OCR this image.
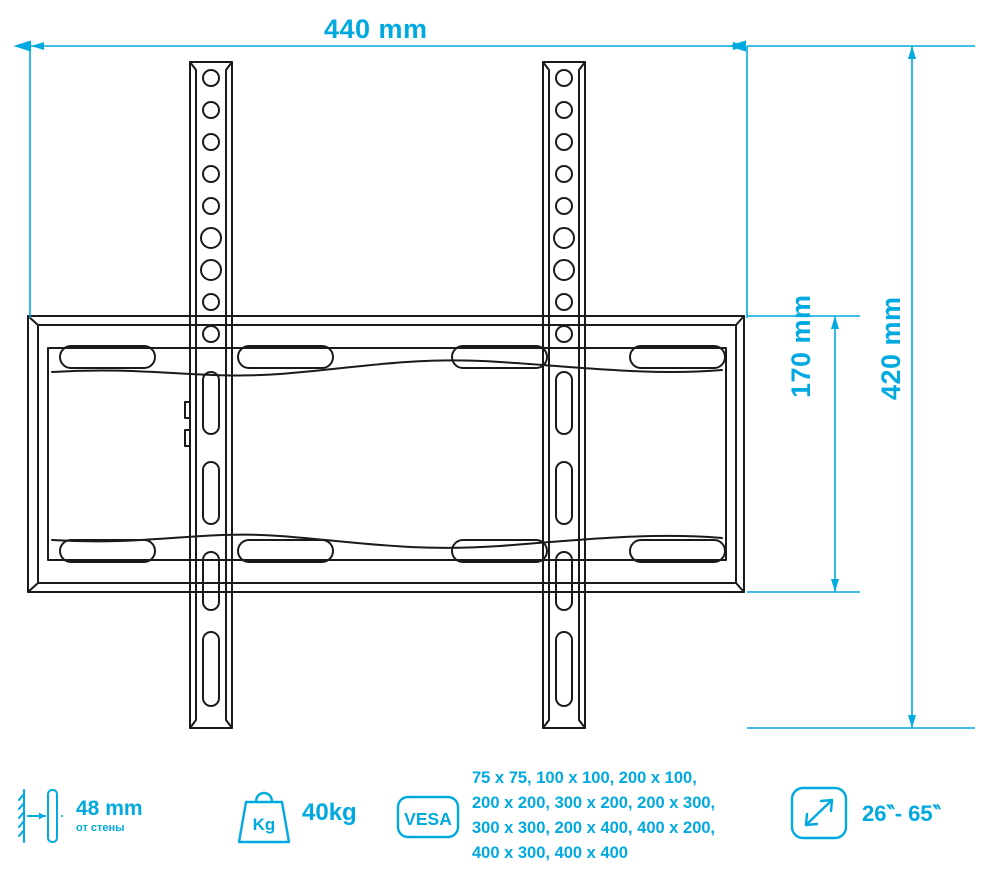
440 mm
170 mm 420 mm
48 mm
от стены	Kg 40kg	VESA
75 x 75, 100 x 100, 200 x 100,
200 x 200, 300 x 200, 200 x 300,
300 x 300, 200 x 400, 400 x 200,
400 x 300, 400 x 400
26‶- 65‶
